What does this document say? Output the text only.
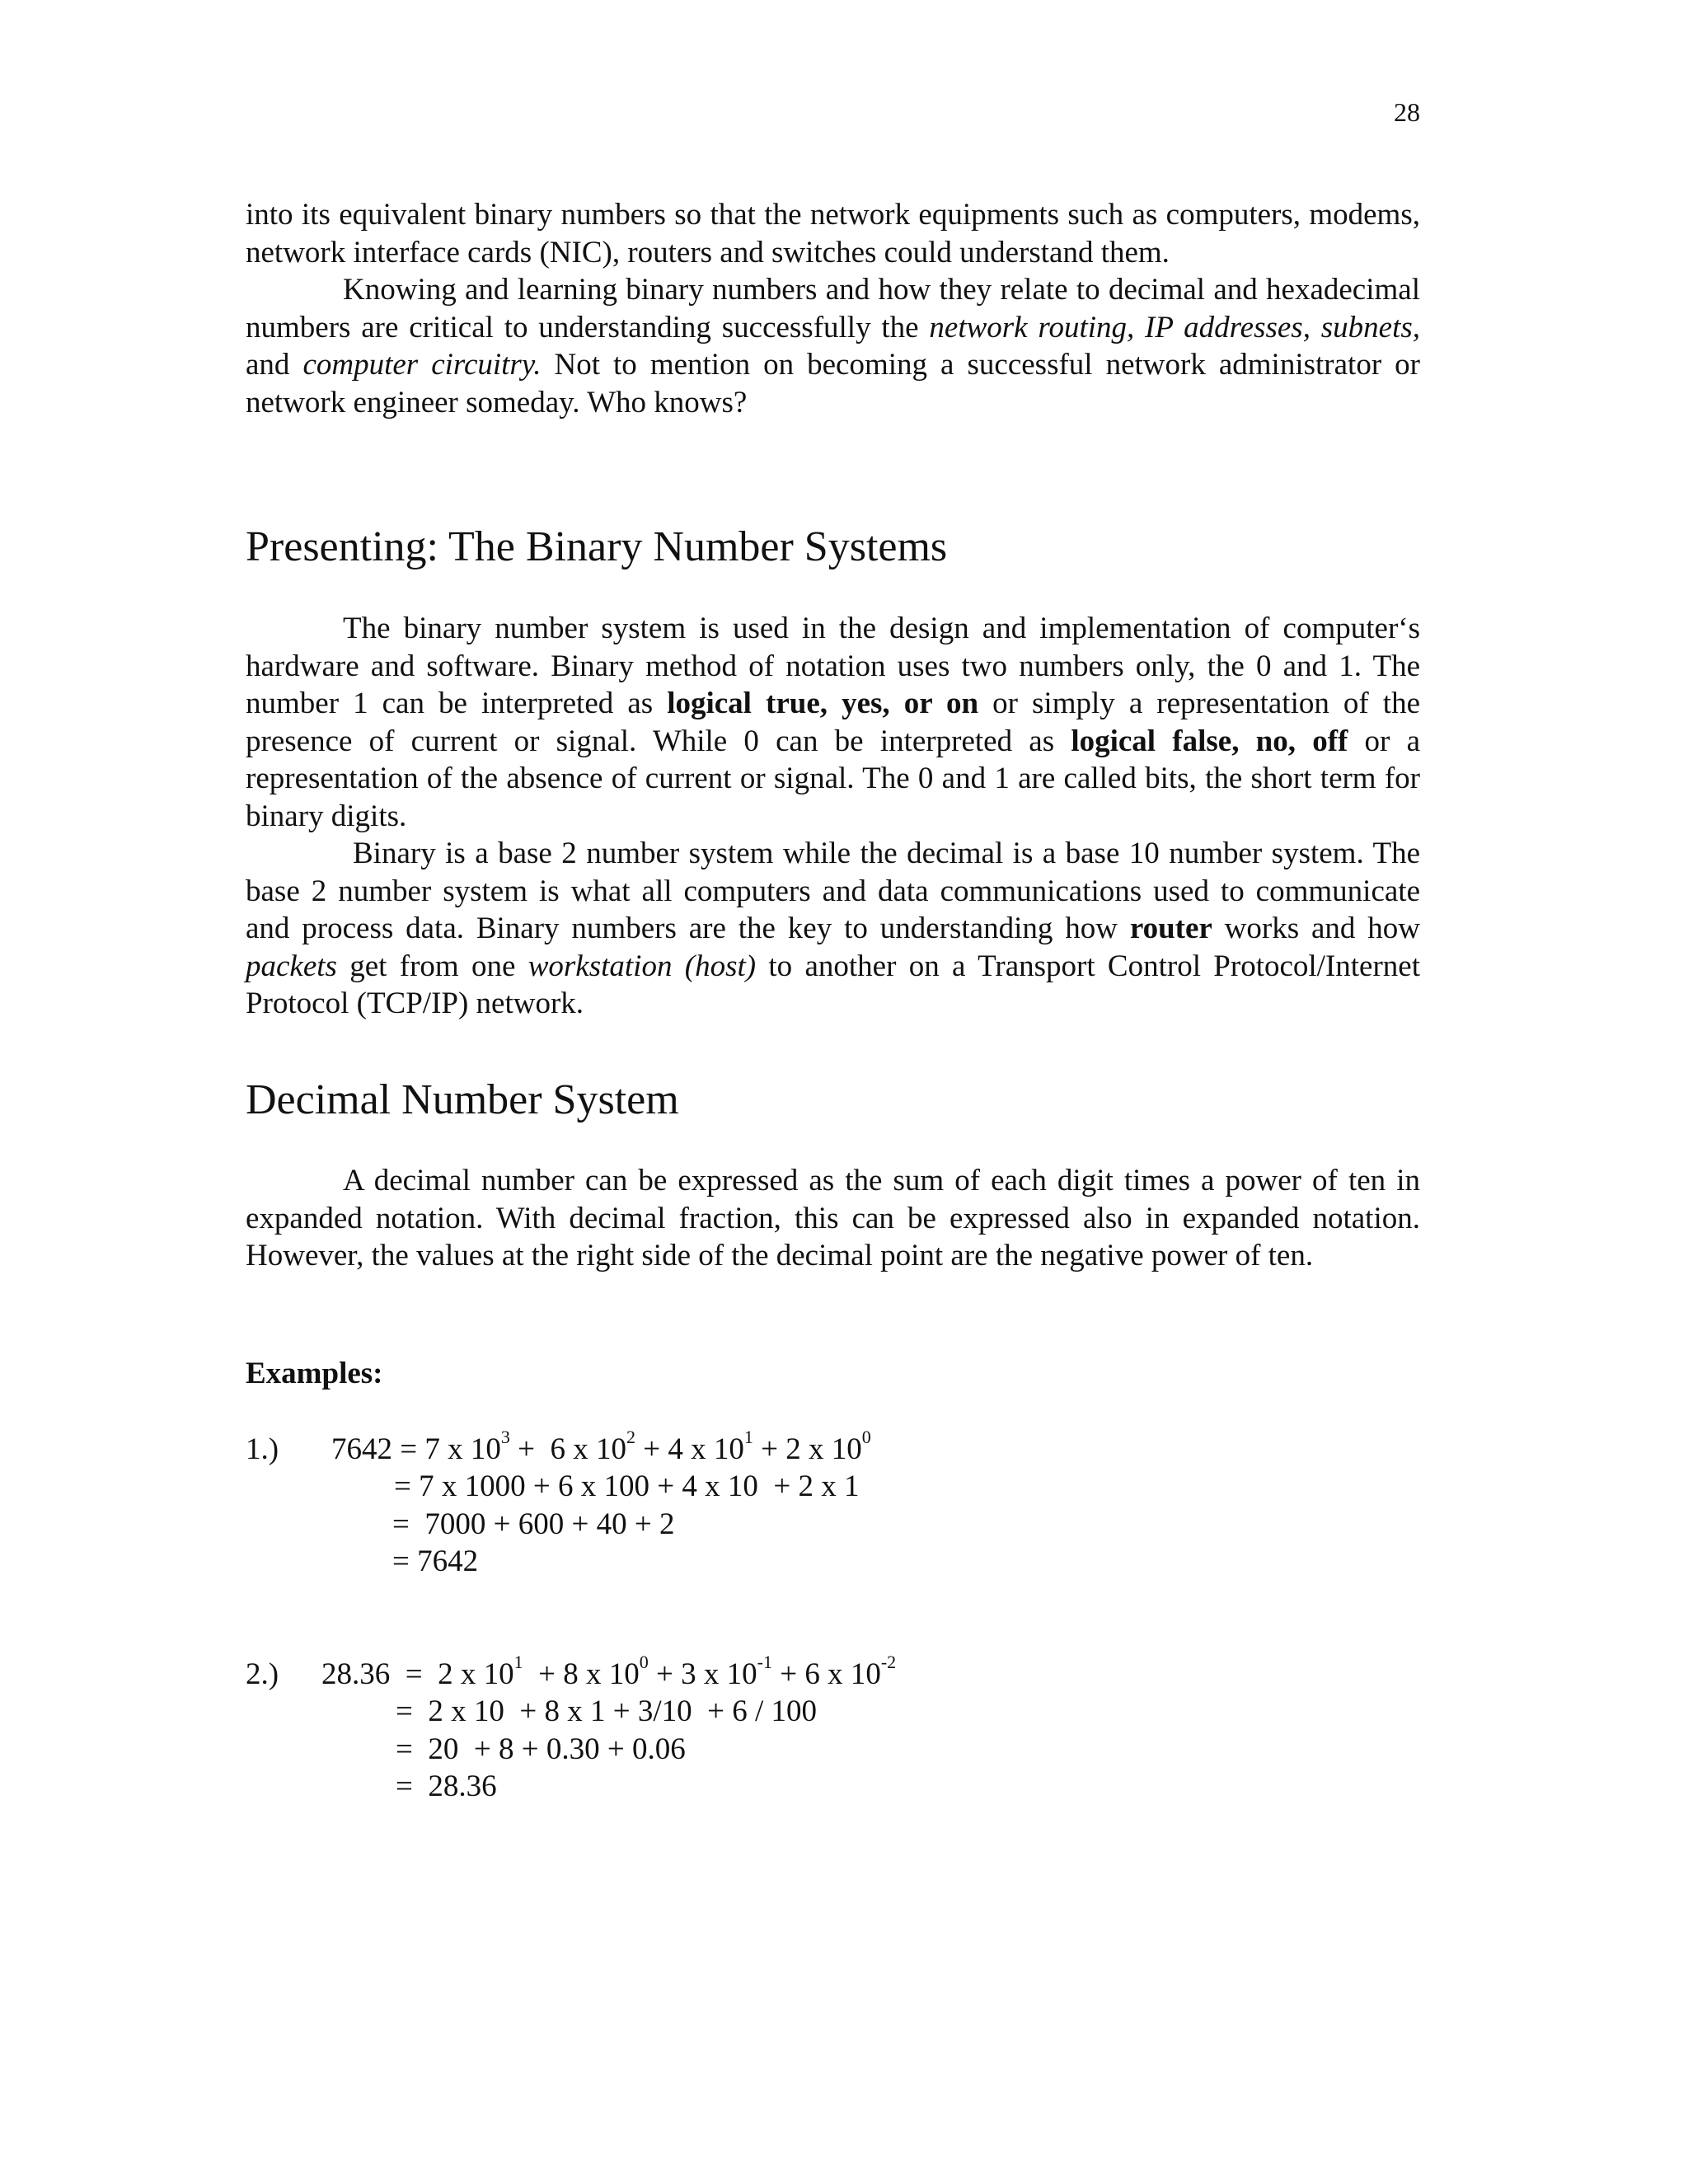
28

into its equivalent binary numbers so that the network equipments such as computers, modems, network interface cards (NIC), routers and switches could understand them.

Knowing and learning binary numbers and how they relate to decimal and hexadecimal numbers are critical to understanding successfully the network routing, IP addresses, subnets, and computer circuitry. Not to mention on becoming a successful network administrator or network engineer someday. Who knows?

Presenting: The Binary Number Systems

The binary number system is used in the design and implementation of computer‘s hardware and software. Binary method of notation uses two numbers only, the 0 and 1. The number 1 can be interpreted as logical true, yes, or on or simply a representation of the presence of current or signal. While 0 can be interpreted as logical false, no, off or a representation of the absence of current or signal. The 0 and 1 are called bits, the short term for binary digits.

Binary is a base 2 number system while the decimal is a base 10 number system. The base 2 number system is what all computers and data communications used to communicate and process data. Binary numbers are the key to understanding how router works and how packets get from one workstation (host) to another on a Transport Control Protocol/Internet Protocol (TCP/IP) network.

Decimal Number System

A decimal number can be expressed as the sum of each digit times a power of ten in expanded notation. With decimal fraction, this can be expressed also in expanded notation. However, the values at the right side of the decimal point are the negative power of ten.

Examples:
1.) 7642 = 7 x $10^3 + 6$ x $10^2 + 4$ x $10^1 + 2$ x $10^0$
= 7 x 1000 + 6 x 100 + 4 x 10  + 2 x 1
=  7000 + 600 + 40 + 2
= 7642
2.) 28.36  =  2 x $10^1 + 8$ x $10^0 + 3$ x $10^{-1} + 6$ x $10^{-2}$
=  2 x 10  + 8 x 1 + 3/10  + 6 / 100
=  20  + 8 + 0.30 + 0.06
=  28.36
